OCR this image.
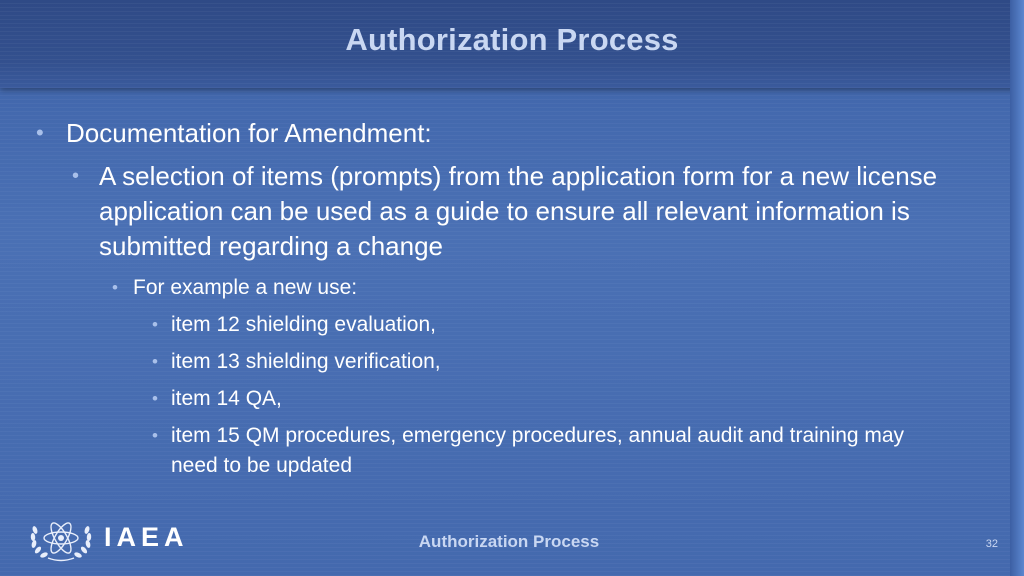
Authorization Process
• Documentation for Amendment:
• A selection of items (prompts) from the application form for a new license application can be used as a guide to ensure all relevant information is submitted regarding a change
• For example a new use:
• item 12 shielding evaluation,
• item 13 shielding verification,
• item 14 QA,
• item 15 QM procedures, emergency procedures, annual audit and training may need to be updated
IAEA	Authorization Process	32
